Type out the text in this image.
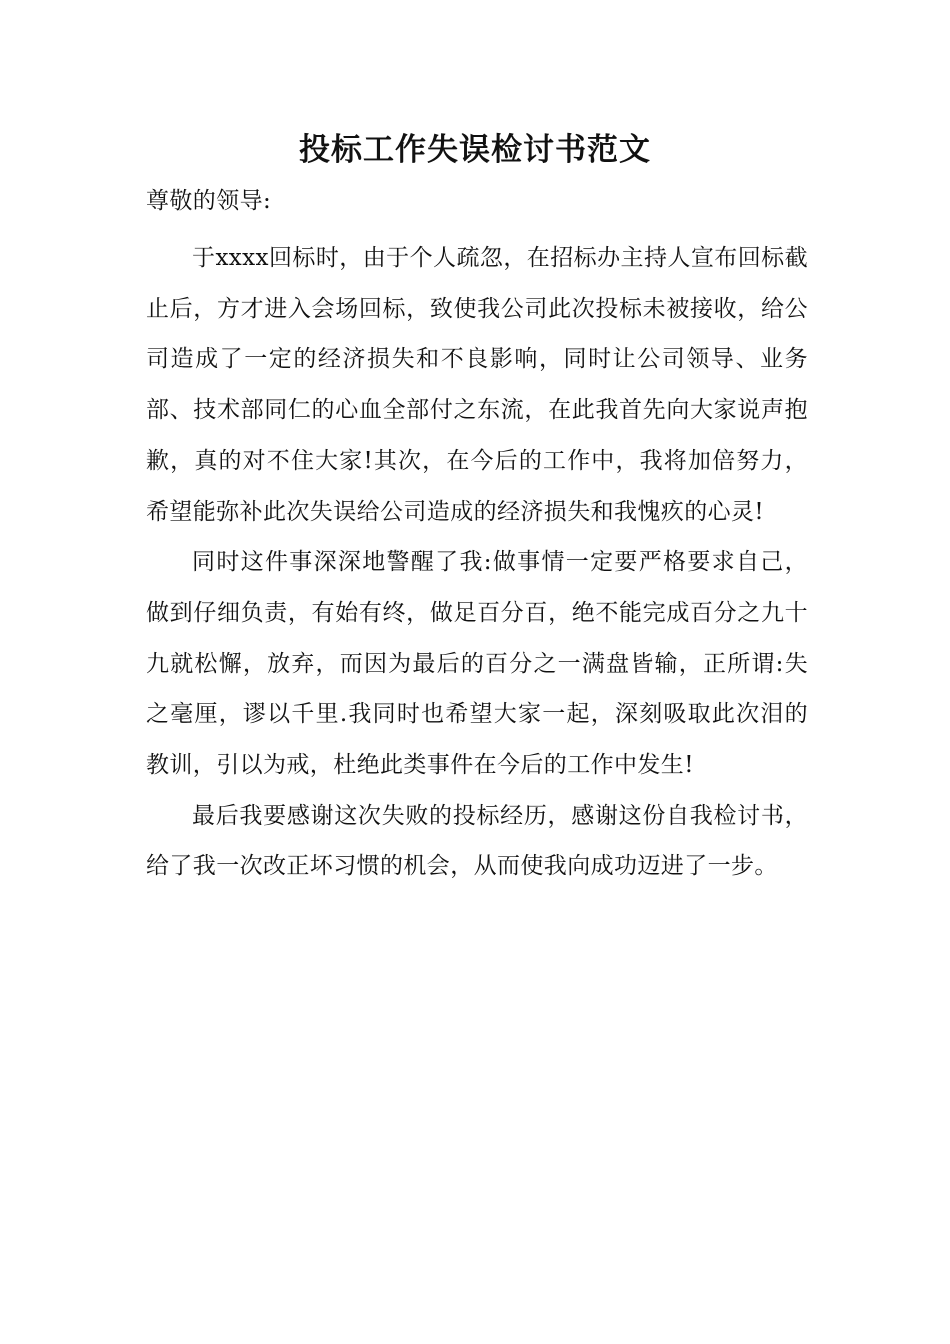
投标工作失误检讨书范文

尊敬的领导:

于xxxx回标时，由于个人疏忽，在招标办主持人宣布回标截止后，方才进入会场回标，致使我公司此次投标未被接收，给公司造成了一定的经济损失和不良影响，同时让公司领导、业务部、技术部同仁的心血全部付之东流，在此我首先向大家说声抱歉，真的对不住大家!其次，在今后的工作中，我将加倍努力，希望能弥补此次失误给公司造成的经济损失和我愧疚的心灵!

同时这件事深深地警醒了我:做事情一定要严格要求自己，做到仔细负责，有始有终，做足百分百，绝不能完成百分之九十九就松懈，放弃，而因为最后的百分之一满盘皆输，正所谓:失之毫厘，谬以千里.我同时也希望大家一起，深刻吸取此次泪的教训，引以为戒，杜绝此类事件在今后的工作中发生!

最后我要感谢这次失败的投标经历，感谢这份自我检讨书，给了我一次改正坏习惯的机会，从而使我向成功迈进了一步。
